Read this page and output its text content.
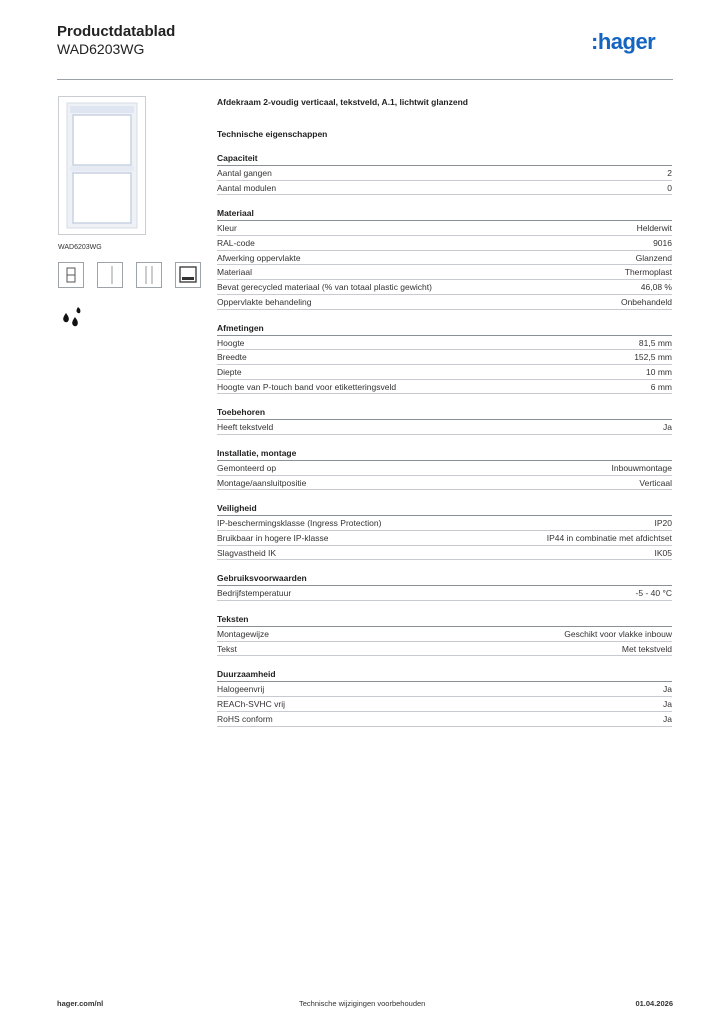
Productdatablad
WAD6203WG	:hager
WAD6203WG
Afdekraam 2-voudig verticaal, tekstveld, A.1, lichtwit glanzend
Technische eigenschappen
Capaciteit
Aantal gangen	2
Aantal modulen	0
Materiaal
Kleur	Helderwit
RAL-code	9016
Afwerking oppervlakte	Glanzend
Materiaal	Thermoplast
Bevat gerecycled materiaal (% van totaal plastic gewicht)	46,08 %
Oppervlakte behandeling	Onbehandeld
Afmetingen
Hoogte	81,5 mm
Breedte	152,5 mm
Diepte	10 mm
Hoogte van P-touch band voor etiketteringsveld	6 mm
Toebehoren
Heeft tekstveld	Ja
Installatie, montage
Gemonteerd op	Inbouwmontage
Montage/aansluitpositie	Verticaal
Veiligheid
IP-beschermingsklasse (Ingress Protection)	IP20
Bruikbaar in hogere IP-klasse	IP44 in combinatie met afdichtset
Slagvastheid IK	IK05
Gebruiksvoorwaarden
Bedrijfstemperatuur	-5 - 40 °C
Teksten
Montagewijze	Geschikt voor vlakke inbouw
Tekst	Met tekstveld
Duurzaamheid
Halogeenvrij	Ja
REACh-SVHC vrij	Ja
RoHS conform	Ja
hager.com/nl	Technische wijzigingen voorbehouden	01.04.2026
